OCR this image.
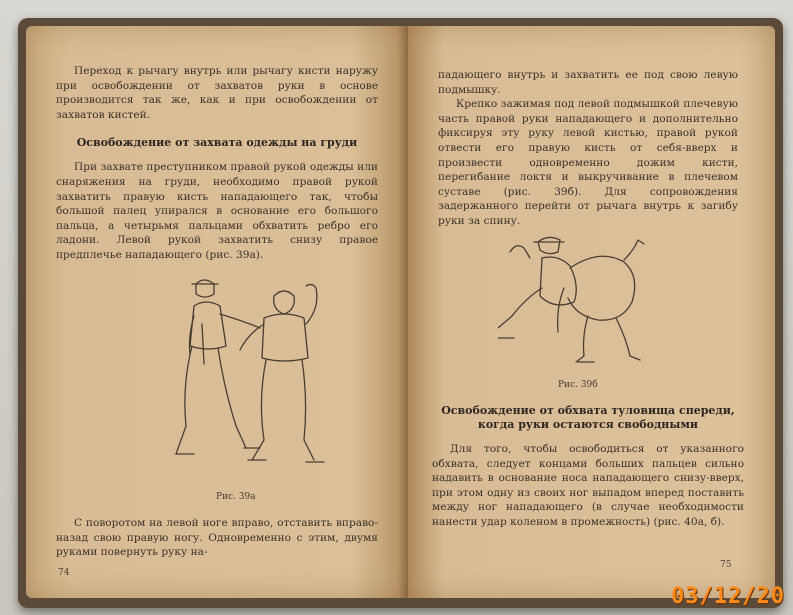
Переход к рычагу внутрь или рычагу кисти наружу при освобождении от захватов руки в основе производится так же, как и при освобождении от захватов кистей.

Освобождение от захвата одежды на груди

При захвате преступником правой рукой одежды или снаряжения на груди, необходимо правой рукой захватить правую кисть нападающего так, чтобы большой палец упирался в основание его большого пальца, а четырьмя пальцами обхватить ребро его ладони. Левой рукой захватить снизу правое предплечье нападающего (рис. 39а).

Рис. 39а

С поворотом на левой ноге вправо, отставить вправо-назад свою правую ногу. Одновременно с этим, двумя руками повернуть руку на-

74

падающего внутрь и захватить ее под свою левую подмышку.

Крепко зажимая под левой подмышкой плечевую часть правой руки нападающего и дополнительно фиксируя эту руку левой кистью, правой рукой отвести его правую кисть от себя-вверх и произвести одновременно дожим кисти, перегибание локтя и выкручивание в плечевом суставе (рис. 39б). Для сопровождения задержанного перейти от рычага внутрь к загибу руки за спину.

Рис. 39б

Освобождение от обхвата туловища спереди, когда руки остаются свободными

Для того, чтобы освободиться от указанного обхвата, следует концами больших пальцев сильно надавить в основание носа нападающего снизу-вверх, при этом одну из своих ног выпадом вперед поставить между ног нападающего (в случае необходимости нанести удар коленом в промежность) (рис. 40а, б).

75
03/12/20
